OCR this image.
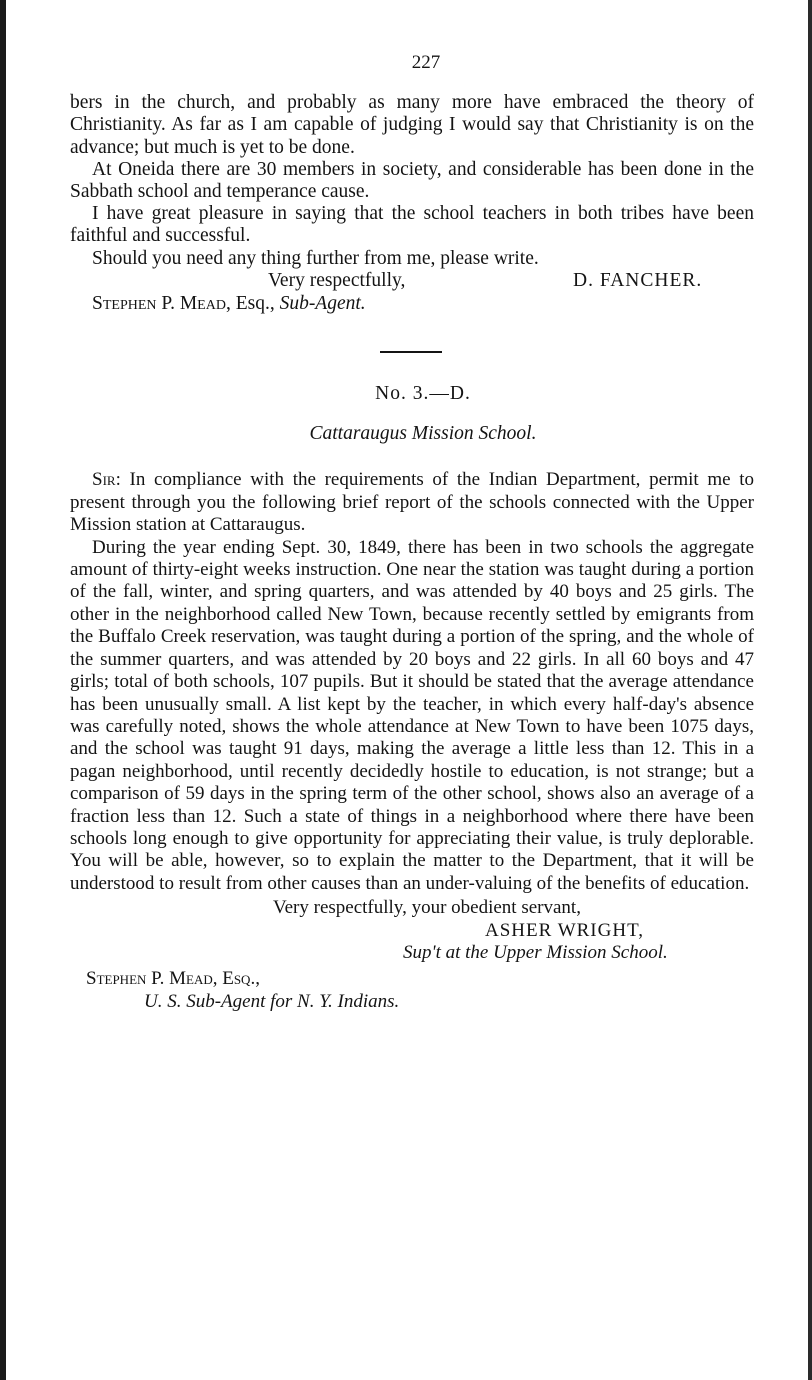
227

bers in the church, and probably as many more have embraced the theory of Christianity. As far as I am capable of judging I would say that Christianity is on the advance; but much is yet to be done.

At Oneida there are 30 members in society, and considerable has been done in the Sabbath school and temperance cause.

I have great pleasure in saying that the school teachers in both tribes have been faithful and successful.

Should you need any thing further from me, please write.

Very respectfully,	D. FANCHER.
Stephen P. Mead, Esq., Sub-Agent.
No. 3.—D.
Cattaraugus Mission School.

Sir: In compliance with the requirements of the Indian Department, permit me to present through you the following brief report of the schools connected with the Upper Mission station at Cattaraugus.

During the year ending Sept. 30, 1849, there has been in two schools the aggregate amount of thirty-eight weeks instruction. One near the station was taught during a portion of the fall, winter, and spring quarters, and was attended by 40 boys and 25 girls. The other in the neighborhood called New Town, because recently settled by emigrants from the Buffalo Creek reservation, was taught during a portion of the spring, and the whole of the summer quarters, and was attended by 20 boys and 22 girls. In all 60 boys and 47 girls; total of both schools, 107 pupils. But it should be stated that the average attendance has been unusually small. A list kept by the teacher, in which every half-day's absence was carefully noted, shows the whole attendance at New Town to have been 1075 days, and the school was taught 91 days, making the average a little less than 12. This in a pagan neighborhood, until recently decidedly hostile to education, is not strange; but a comparison of 59 days in the spring term of the other school, shows also an average of a fraction less than 12. Such a state of things in a neighborhood where there have been schools long enough to give opportunity for appreciating their value, is truly deplorable. You will be able, however, so to explain the matter to the Department, that it will be understood to result from other causes than an under-valuing of the benefits of education.

Very respectfully, your obedient servant,
ASHER WRIGHT,
Sup't at the Upper Mission School.
Stephen P. Mead, Esq.,
U. S. Sub-Agent for N. Y. Indians.
